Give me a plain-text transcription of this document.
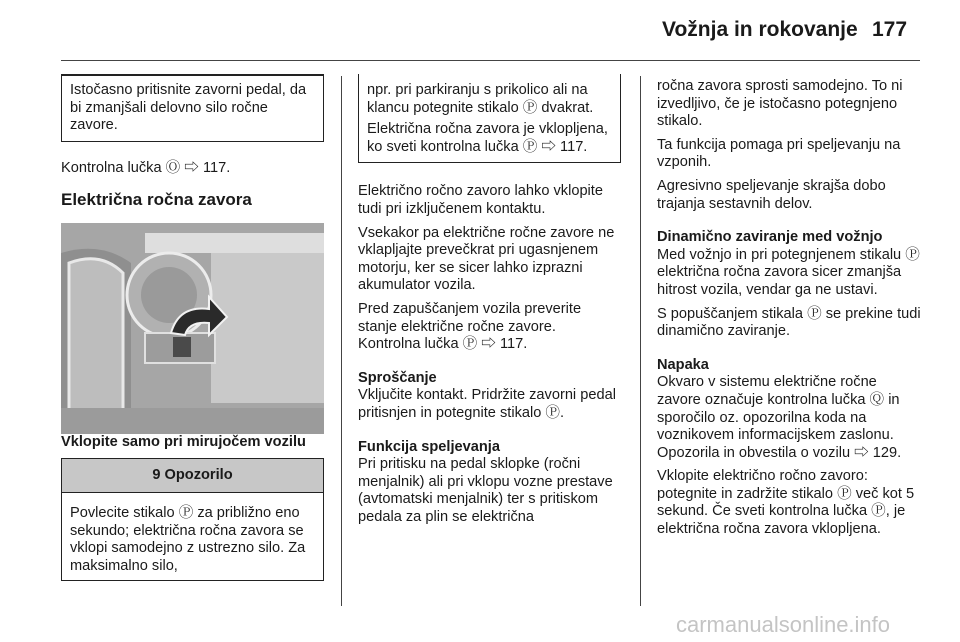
Vožnja in rokovanje 177

Istočasno pritisnite zavorni pedal, da bi zmanjšali delovno silo ročne zavore.

Kontrolna lučka Ⓞ ⇨ 117.

Električna ročna zavora

Vklopite samo pri mirujočem vozilu

9 Opozorilo
Povlecite stikalo Ⓟ za približno eno sekundo; električna ročna zavora se vklopi samodejno z ustrezno silo. Za maksimalno silo,

npr. pri parkiranju s prikolico ali na klancu potegnite stikalo Ⓟ dvakrat.

Električna ročna zavora je vklopljena, ko sveti kontrolna lučka Ⓟ ⇨ 117.

Električno ročno zavoro lahko vklopite tudi pri izključenem kontaktu.

Vsekakor pa električne ročne zavore ne vklapljajte prevečkrat pri ugasnjenem motorju, ker se sicer lahko izprazni akumulator vozila.

Pred zapuščanjem vozila preverite stanje električne ročne zavore. Kontrolna lučka Ⓟ ⇨ 117.

Sproščanje

Vključite kontakt. Pridržite zavorni pedal pritisnjen in potegnite stikalo Ⓟ.

Funkcija speljevanja

Pri pritisku na pedal sklopke (ročni menjalnik) ali pri vklopu vozne prestave (avtomatski menjalnik) ter s pritiskom pedala za plin se električna

ročna zavora sprosti samodejno. To ni izvedljivo, če je istočasno potegnjeno stikalo.

Ta funkcija pomaga pri speljevanju na vzponih.

Agresivno speljevanje skrajša dobo trajanja sestavnih delov.

Dinamično zaviranje med vožnjo

Med vožnjo in pri potegnjenem stikalu Ⓟ električna ročna zavora sicer zmanjša hitrost vozila, vendar ga ne ustavi.

S popuščanjem stikala Ⓟ se prekine tudi dinamično zaviranje.

Napaka

Okvaro v sistemu električne ročne zavore označuje kontrolna lučka Ⓠ in sporočilo oz. opozorilna koda na voznikovem informacijskem zaslonu. Opozorila in obvestila o vozilu ⇨ 129.

Vklopite električno ročno zavoro: potegnite in zadržite stikalo Ⓟ več kot 5 sekund. Če sveti kontrolna lučka Ⓟ, je električna ročna zavora vklopljena.

carmanualsonline.info
